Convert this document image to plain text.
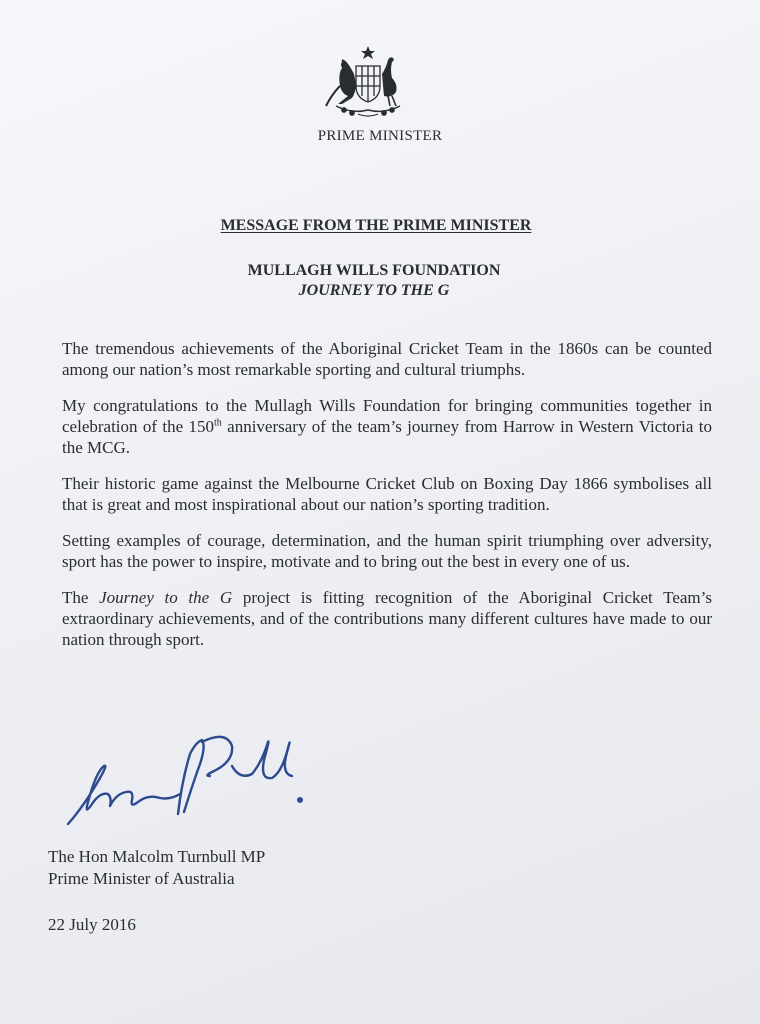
PRIME MINISTER
MESSAGE FROM THE PRIME MINISTER
MULLAGH WILLS FOUNDATION
JOURNEY TO THE G

The tremendous achievements of the Aboriginal Cricket Team in the 1860s can be counted among our nation’s most remarkable sporting and cultural triumphs.

My congratulations to the Mullagh Wills Foundation for bringing communities together in celebration of the 150th anniversary of the team’s journey from Harrow in Western Victoria to the MCG.

Their historic game against the Melbourne Cricket Club on Boxing Day 1866 symbolises all that is great and most inspirational about our nation’s sporting tradition.

Setting examples of courage, determination, and the human spirit triumphing over adversity, sport has the power to inspire, motivate and to bring out the best in every one of us.

The Journey to the G project is fitting recognition of the Aboriginal Cricket Team’s extraordinary achievements, and of the contributions many different cultures have made to our nation through sport.

The Hon Malcolm Turnbull MP
Prime Minister of Australia
22 July 2016
